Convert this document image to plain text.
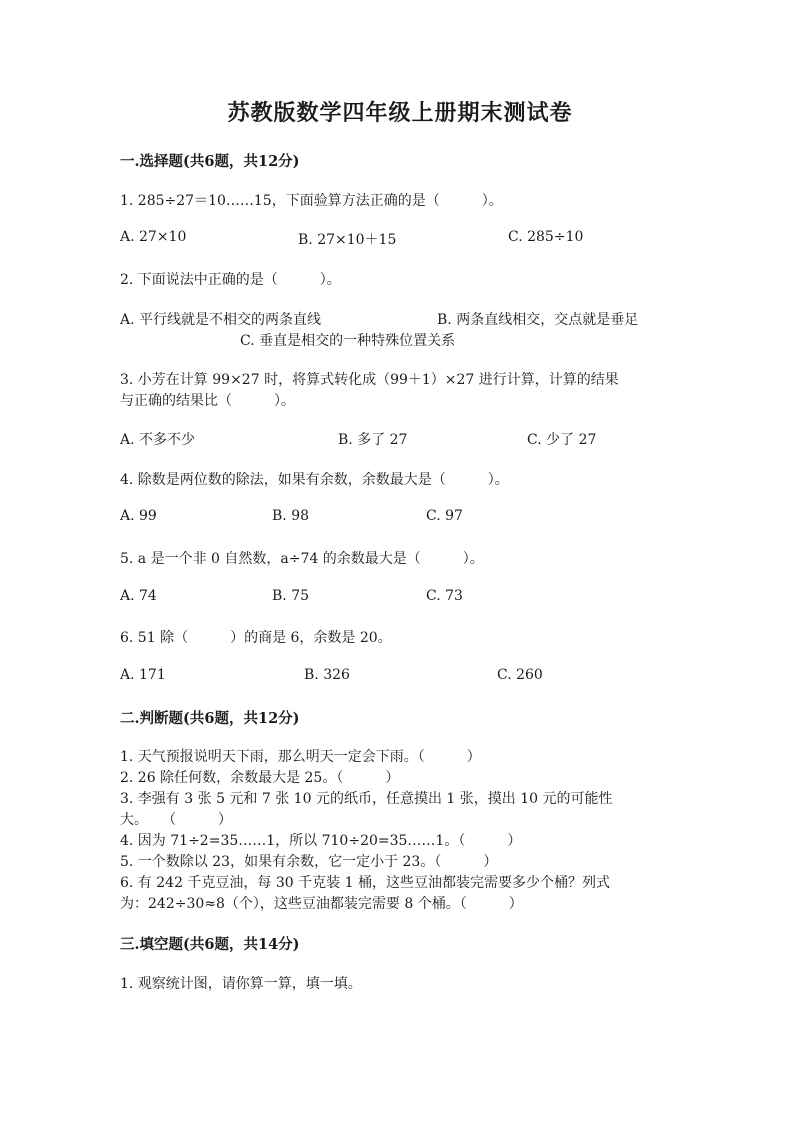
苏教版数学四年级上册期末测试卷
一.选择题(共6题，共12分)
1. 285÷27＝10……15，下面验算方法正确的是（　　　）。
A. 27×10	B. 27×10＋15	C. 285÷10
2. 下面说法中正确的是（　　　）。
A. 平行线就是不相交的两条直线	B. 两条直线相交，交点就是垂足
C. 垂直是相交的一种特殊位置关系
3. 小芳在计算 99×27 时，将算式转化成（99＋1）×27 进行计算，计算的结果
与正确的结果比（　　　）。
A. 不多不少	B. 多了 27	C. 少了 27
4. 除数是两位数的除法，如果有余数，余数最大是（　　　）。
A. 99	B. 98	C. 97
5. a 是一个非 0 自然数，a÷74 的余数最大是（　　　）。
A. 74	B. 75	C. 73
6. 51 除（　　　）的商是 6，余数是 20。
A. 171	B. 326	C. 260
二.判断题(共6题，共12分)
1. 天气预报说明天下雨，那么明天一定会下雨。（　　　）
2. 26 除任何数，余数最大是 25。（　　　）
3. 李强有 3 张 5 元和 7 张 10 元的纸币，任意摸出 1 张，摸出 10 元的可能性
大。　　（　　　）
4. 因为 71÷2=35……1，所以 710÷20=35……1。（　　　）
5. 一个数除以 23，如果有余数，它一定小于 23。（　　　）
6. 有 242 千克豆油，每 30 千克装 1 桶，这些豆油都装完需要多少个桶？列式
为：242÷30≈8（个），这些豆油都装完需要 8 个桶。（　　　）
三.填空题(共6题，共14分)
1. 观察统计图，请你算一算，填一填。
